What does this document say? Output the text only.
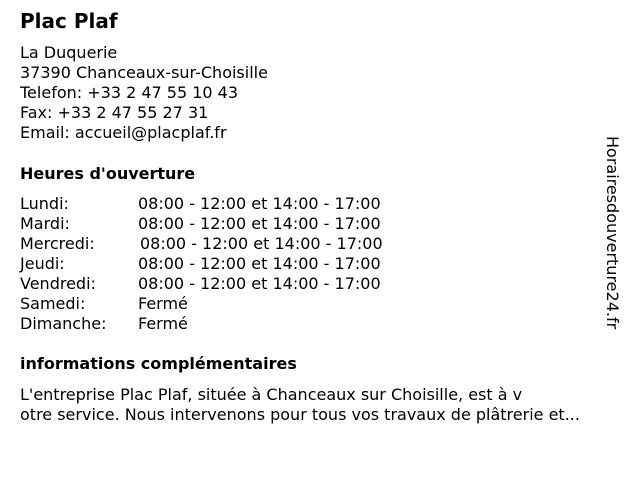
Plac Plaf
La Duquerie
37390 Chanceaux-sur-Choisille
Telefon: +33 2 47 55 10 43
Fax: +33 2 47 55 27 31
Email: accueil@placplaf.fr
Heures d'ouverture
Lundi:	08:00 - 12:00 et 14:00 - 17:00
Mardi:	08:00 - 12:00 et 14:00 - 17:00
Mercredi:	08:00 - 12:00 et 14:00 - 17:00
Jeudi:	08:00 - 12:00 et 14:00 - 17:00
Vendredi:	08:00 - 12:00 et 14:00 - 17:00
Samedi:	Fermé
Dimanche: Fermé
informations complémentaires
L'entreprise Plac Plaf, située à Chanceaux sur Choisille, est à v
otre service. Nous intervenons pour tous vos travaux de plâtrerie et...
Horairesdouverture24.fr
